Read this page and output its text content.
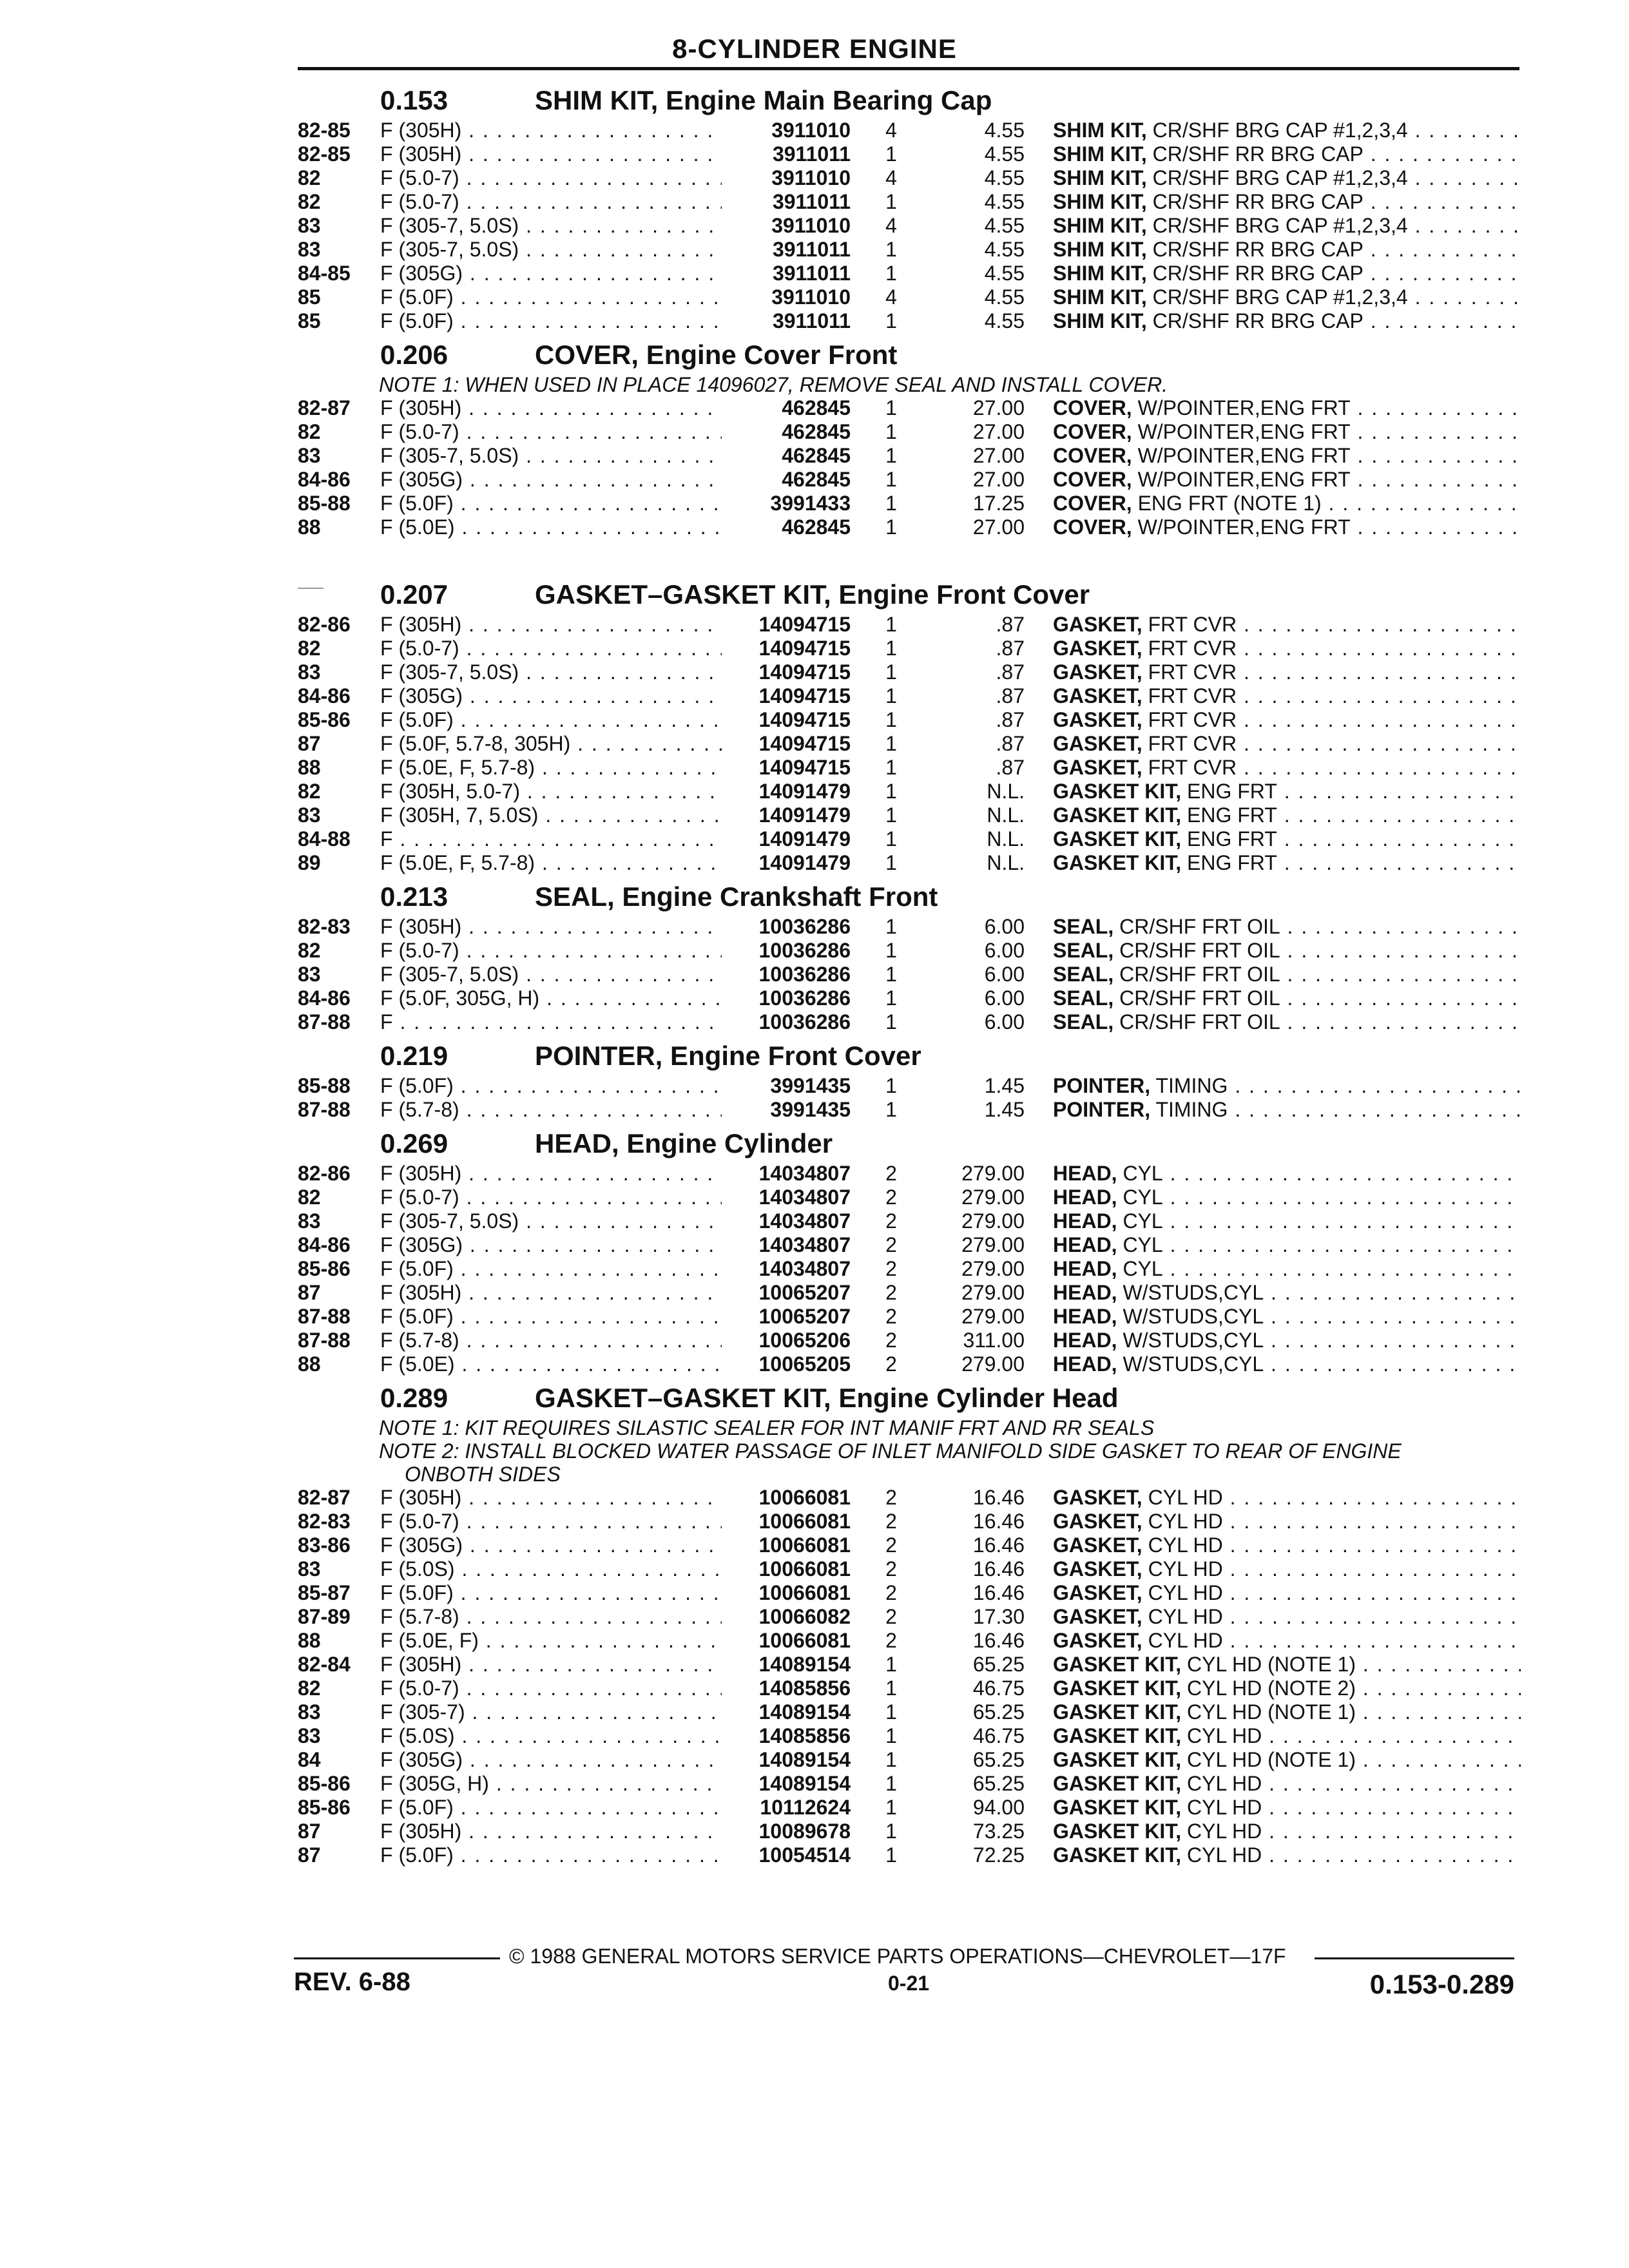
8-CYLINDER ENGINE
0.153	SHIM KIT, Engine Main Bearing Cap
82-85	F (305H) . . .	3911010 4	4.55 SHIM KIT, CR/SHF BRG CAP #1,2,3,4 . . .
82-85	F (305H) . . .	3911011 1	4.55 SHIM KIT, CR/SHF RR BRG CAP . . .
82	F (5.0-7) . . .	3911010 4	4.55 SHIM KIT, CR/SHF BRG CAP #1,2,3,4 . . .
82	F (5.0-7) . . .	3911011 1	4.55 SHIM KIT, CR/SHF RR BRG CAP . . .
83	F (305-7, 5.0S) . . .	3911010 4	4.55 SHIM KIT, CR/SHF BRG CAP #1,2,3,4 . . .
83	F (305-7, 5.0S) . . .	3911011 1	4.55 SHIM KIT, CR/SHF RR BRG CAP . . .
84-85	F (305G) . . .	3911011 1	4.55 SHIM KIT, CR/SHF RR BRG CAP . . .
85	F (5.0F) . . .	3911010 4	4.55 SHIM KIT, CR/SHF BRG CAP #1,2,3,4 . . .
85	F (5.0F) . . .	3911011 1	4.55 SHIM KIT, CR/SHF RR BRG CAP . . .
0.206	COVER, Engine Cover Front
NOTE 1: WHEN USED IN PLACE 14096027, REMOVE SEAL AND INSTALL COVER.
82-87	F (305H) . . .	462845 1	27.00 COVER, W/POINTER,ENG FRT . . .
82	F (5.0-7) . . .	462845 1	27.00 COVER, W/POINTER,ENG FRT . . .
83	F (305-7, 5.0S) . . .	462845 1	27.00 COVER, W/POINTER,ENG FRT . . .
84-86	F (305G) . . .	462845 1	27.00 COVER, W/POINTER,ENG FRT . . .
85-88	F (5.0F) . . .	3991433 1	17.25 COVER, ENG FRT (NOTE 1) . . .
88	F (5.0E) . . .	462845 1	27.00 COVER, W/POINTER,ENG FRT . . .
0.207	GASKET–GASKET KIT, Engine Front Cover
82-86	F (305H) . . .	14094715 1	.87 GASKET, FRT CVR . . .
82	F (5.0-7) . . .	14094715 1	.87 GASKET, FRT CVR . . .
83	F (305-7, 5.0S) . . .	14094715 1	.87 GASKET, FRT CVR . . .
84-86	F (305G) . . .	14094715 1	.87 GASKET, FRT CVR . . .
85-86	F (5.0F) . . .	14094715 1	.87 GASKET, FRT CVR . . .
87	F (5.0F, 5.7-8, 305H) . . .	14094715 1	.87 GASKET, FRT CVR . . .
88	F (5.0E, F, 5.7-8) . . .	14094715 1	.87 GASKET, FRT CVR . . .
82	F (305H, 5.0-7) . . .	14091479 1	N.L. GASKET KIT, ENG FRT . . .
83	F (305H, 7, 5.0S) . . .	14091479 1	N.L. GASKET KIT, ENG FRT . . .
84-88	F . . .	14091479 1	N.L. GASKET KIT, ENG FRT . . .
89	F (5.0E, F, 5.7-8) . . .	14091479 1	N.L. GASKET KIT, ENG FRT . . .
0.213	SEAL, Engine Crankshaft Front
82-83	F (305H) . . .	10036286 1	6.00 SEAL, CR/SHF FRT OIL . . .
82	F (5.0-7) . . .	10036286 1	6.00 SEAL, CR/SHF FRT OIL . . .
83	F (305-7, 5.0S) . . .	10036286 1	6.00 SEAL, CR/SHF FRT OIL . . .
84-86	F (5.0F, 305G, H) . . .	10036286 1	6.00 SEAL, CR/SHF FRT OIL . . .
87-88	F . . .	10036286 1	6.00 SEAL, CR/SHF FRT OIL . . .
0.219	POINTER, Engine Front Cover
85-88	F (5.0F) . . .	3991435 1	1.45 POINTER, TIMING . . .
87-88	F (5.7-8) . . .	3991435 1	1.45 POINTER, TIMING . . .
0.269	HEAD, Engine Cylinder
82-86	F (305H) . . .	14034807 2	279.00 HEAD, CYL . . .
82	F (5.0-7) . . .	14034807 2	279.00 HEAD, CYL . . .
83	F (305-7, 5.0S) . . .	14034807 2	279.00 HEAD, CYL . . .
84-86	F (305G) . . .	14034807 2	279.00 HEAD, CYL . . .
85-86	F (5.0F) . . .	14034807 2	279.00 HEAD, CYL . . .
87	F (305H) . . .	10065207 2	279.00 HEAD, W/STUDS,CYL . . .
87-88	F (5.0F) . . .	10065207 2	279.00 HEAD, W/STUDS,CYL . . .
87-88	F (5.7-8) . . .	10065206 2	311.00 HEAD, W/STUDS,CYL . . .
88	F (5.0E) . . .	10065205 2	279.00 HEAD, W/STUDS,CYL . . .
0.289	GASKET–GASKET KIT, Engine Cylinder Head
NOTE 1: KIT REQUIRES SILASTIC SEALER FOR INT MANIF FRT AND RR SEALS
NOTE 2: INSTALL BLOCKED WATER PASSAGE OF INLET MANIFOLD SIDE GASKET TO REAR OF ENGINE
ONBOTH SIDES
82-87	F (305H) . . .	10066081 2	16.46 GASKET, CYL HD . . .
82-83	F (5.0-7) . . .	10066081 2	16.46 GASKET, CYL HD . . .
83-86	F (305G) . . .	10066081 2	16.46 GASKET, CYL HD . . .
83	F (5.0S) . . .	10066081 2	16.46 GASKET, CYL HD . . .
85-87	F (5.0F) . . .	10066081 2	16.46 GASKET, CYL HD . . .
87-89	F (5.7-8) . . .	10066082 2	17.30 GASKET, CYL HD . . .
88	F (5.0E, F) . . .	10066081 2	16.46 GASKET, CYL HD . . .
82-84	F (305H) . . .	14089154 1	65.25 GASKET KIT, CYL HD (NOTE 1) . . .
82	F (5.0-7) . . .	14085856 1	46.75 GASKET KIT, CYL HD (NOTE 2) . . .
83	F (305-7) . . .	14089154 1	65.25 GASKET KIT, CYL HD (NOTE 1) . . .
83	F (5.0S) . . .	14085856 1	46.75 GASKET KIT, CYL HD . . .
84	F (305G) . . .	14089154 1	65.25 GASKET KIT, CYL HD (NOTE 1) . . .
85-86	F (305G, H) . . .	14089154 1	65.25 GASKET KIT, CYL HD . . .
85-86	F (5.0F) . . .	10112624 1	94.00 GASKET KIT, CYL HD . . .
87	F (305H) . . .	10089678 1	73.25 GASKET KIT, CYL HD . . .
87	F (5.0F) . . .	10054514 1	72.25 GASKET KIT, CYL HD . . .
© 1988 GENERAL MOTORS SERVICE PARTS OPERATIONS—CHEVROLET—17F
REV. 6-88	0-21	0.153-0.289
